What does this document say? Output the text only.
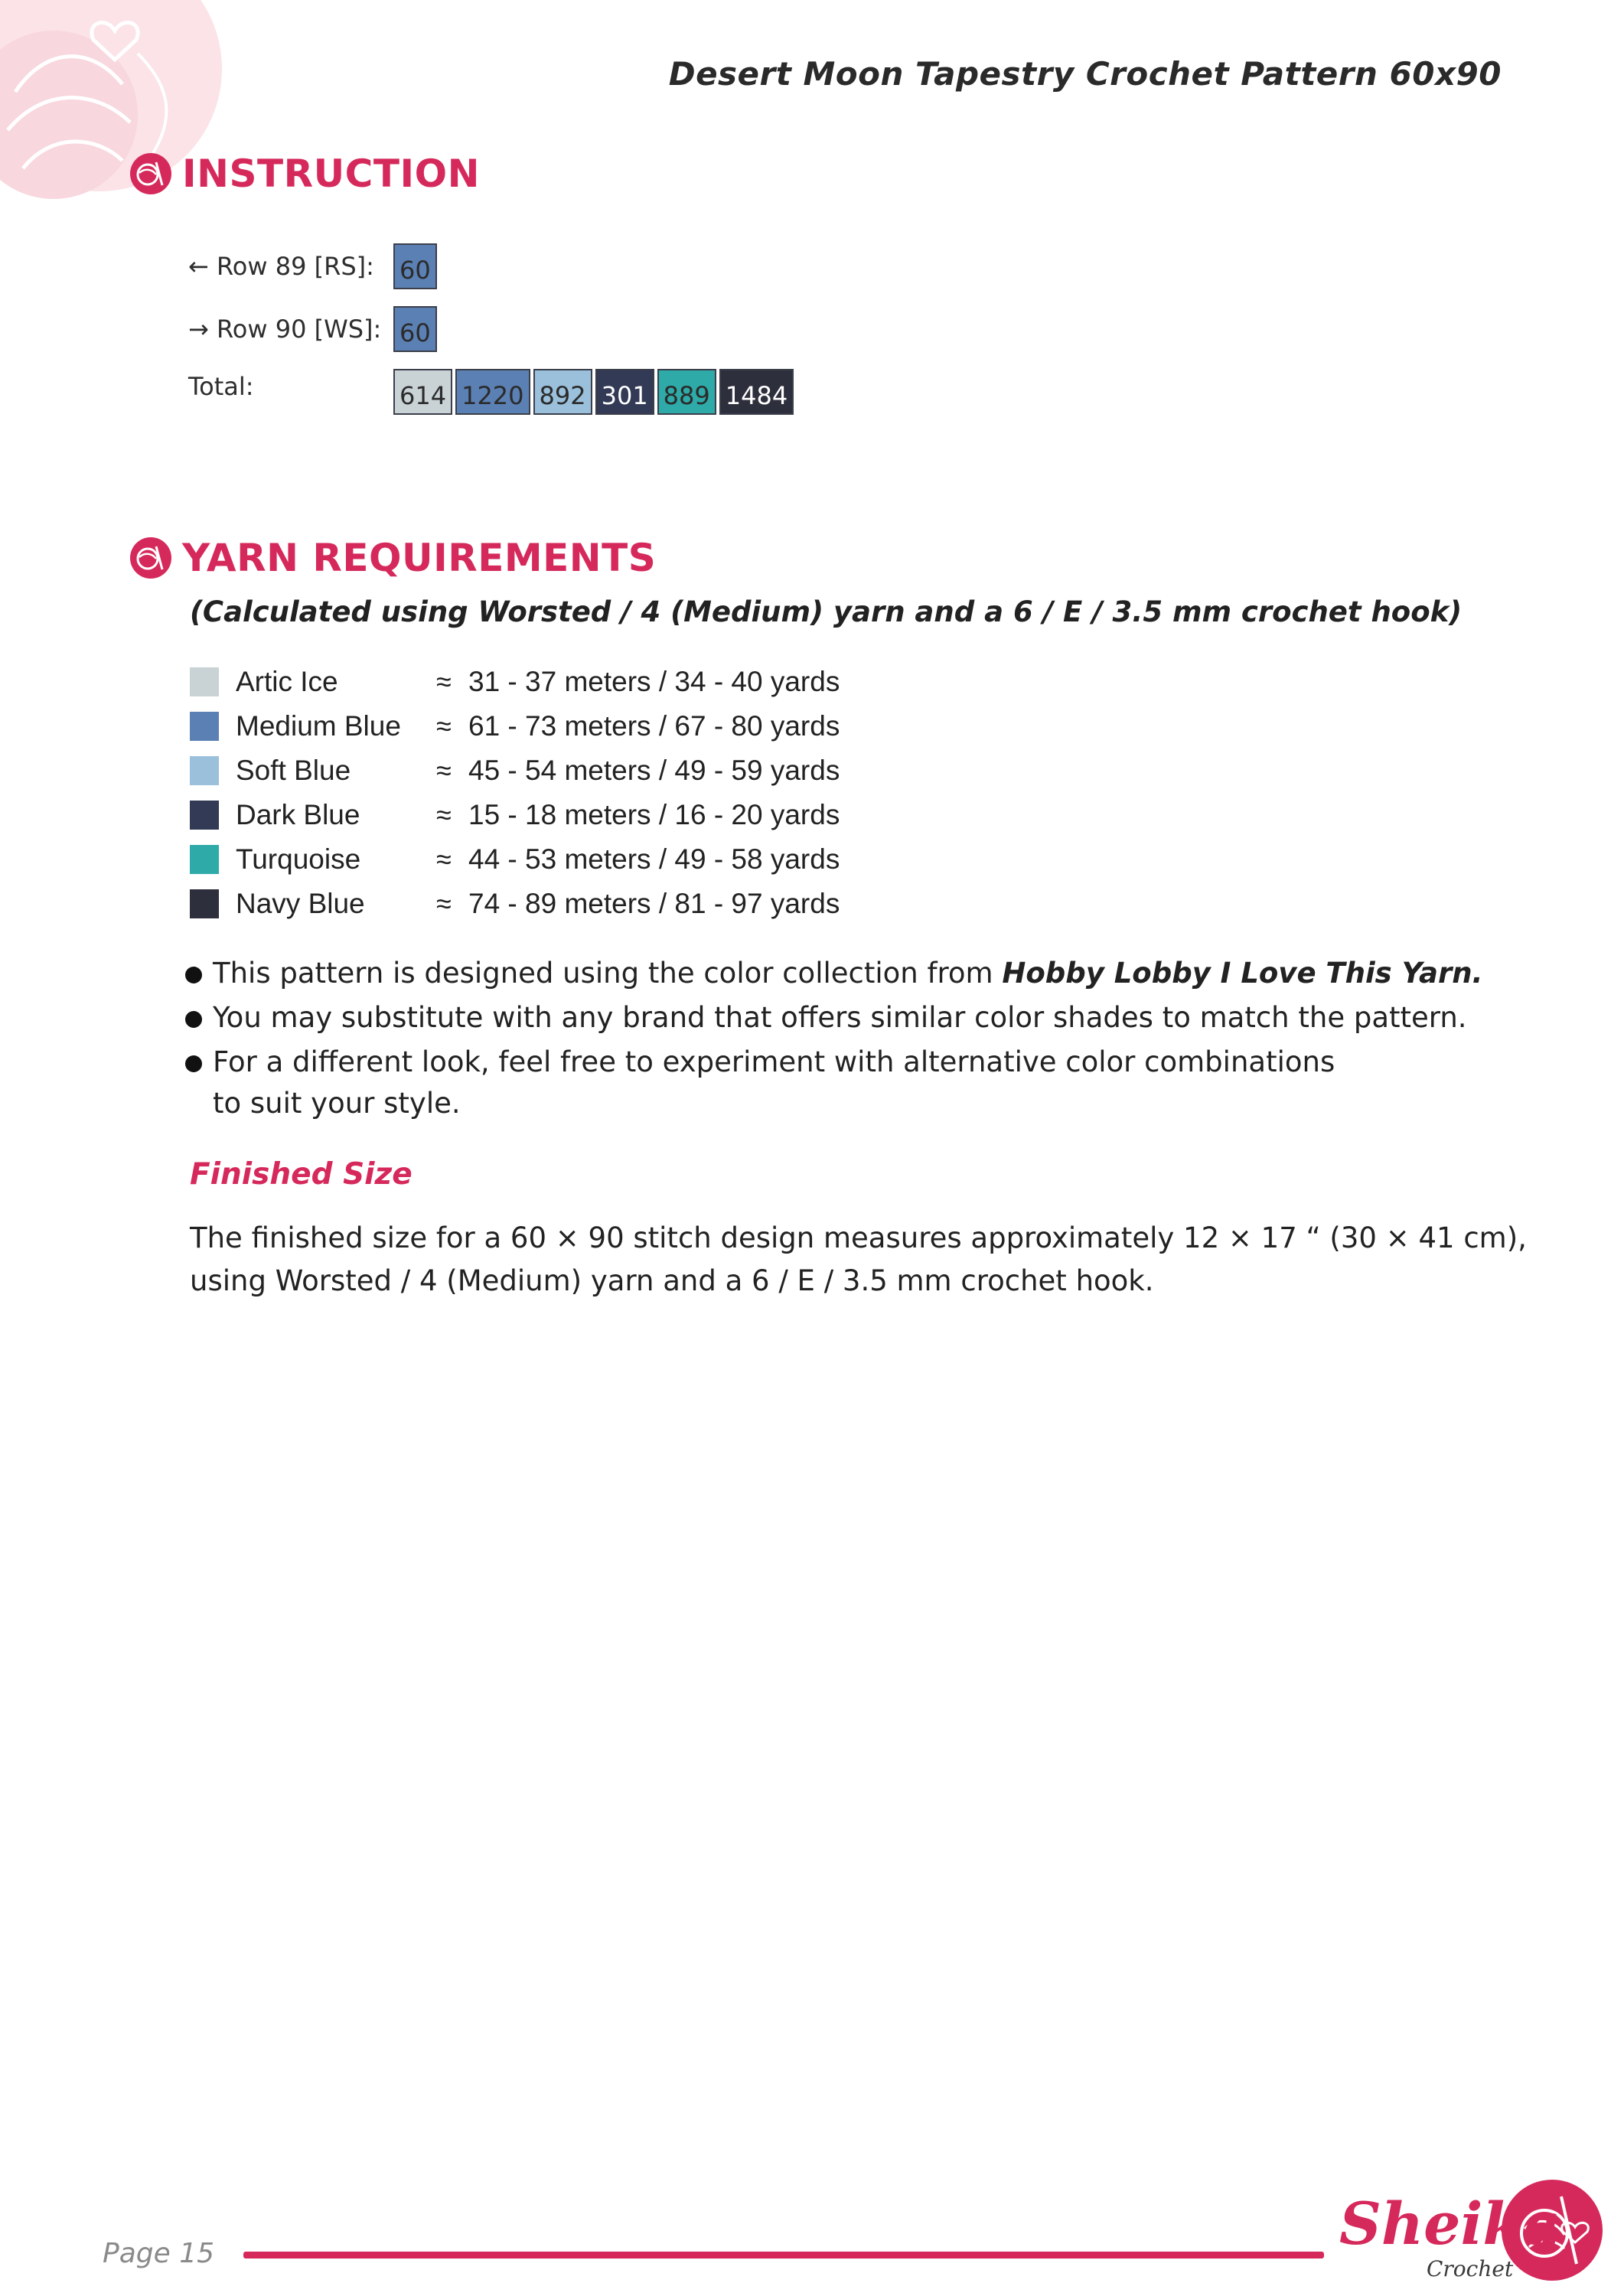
Desert Moon Tapestry Crochet Pattern 60x90
INSTRUCTION
← Row 89 [RS]:	60
→ Row 90 [WS]: 60
Total:	614 1220 892 301 889 1484
YARN REQUIREMENTS
(Calculated using Worsted / 4 (Medium) yarn and a 6 / E / 3.5 mm crochet hook)
Artic Ice	≈ 31 - 37 meters / 34 - 40 yards
Medium Blue	≈ 61 - 73 meters / 67 - 80 yards
Soft Blue	≈ 45 - 54 meters / 49 - 59 yards
Dark Blue	≈ 15 - 18 meters / 16 - 20 yards
Turquoise	≈ 44 - 53 meters / 49 - 58 yards
Navy Blue	≈ 74 - 89 meters / 81 - 97 yards
This pattern is designed using the color collection from Hobby Lobby I Love This Yarn.
You may substitute with any brand that offers similar color shades to match the pattern.
For a different look, feel free to experiment with alternative color combinations
to suit your style.
Finished Size
The finished size for a 60 × 90 stitch design measures approximately 12 × 17 “ (30 × 41 cm),
using Worsted / 4 (Medium) yarn and a 6 / E / 3.5 mm crochet hook.
Page 15	Sheika
Crochet
